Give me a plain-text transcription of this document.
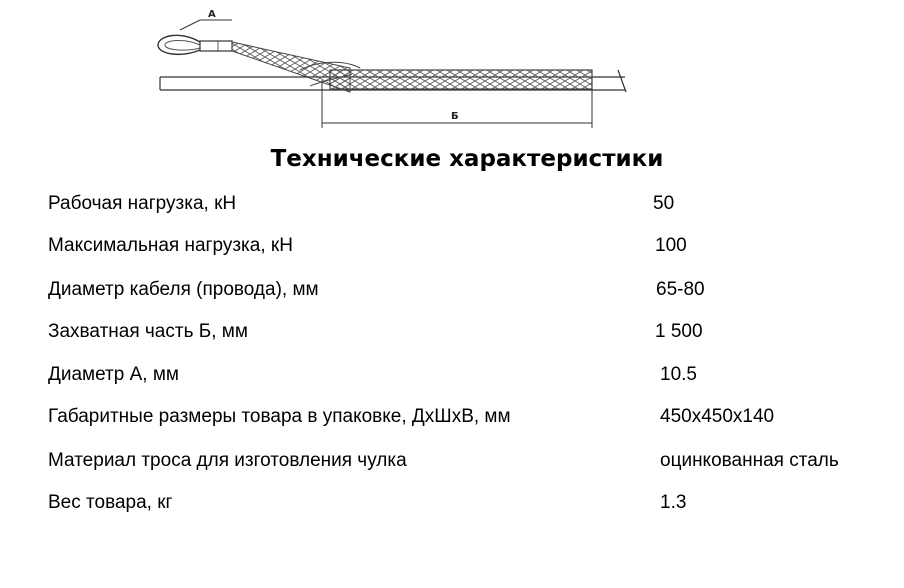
А
Б
Технические характеристики
Рабочая нагрузка, кН	50
Максимальная нагрузка, кН	100
Диаметр кабеля (провода), мм	65-80
Захватная часть Б, мм	1 500
Диаметр А, мм	10.5
Габаритные размеры товара в упаковке, ДхШхВ, мм	450х450х140
Материал троса для изготовления чулка	оцинкованная сталь
Вес товара, кг	1.3
